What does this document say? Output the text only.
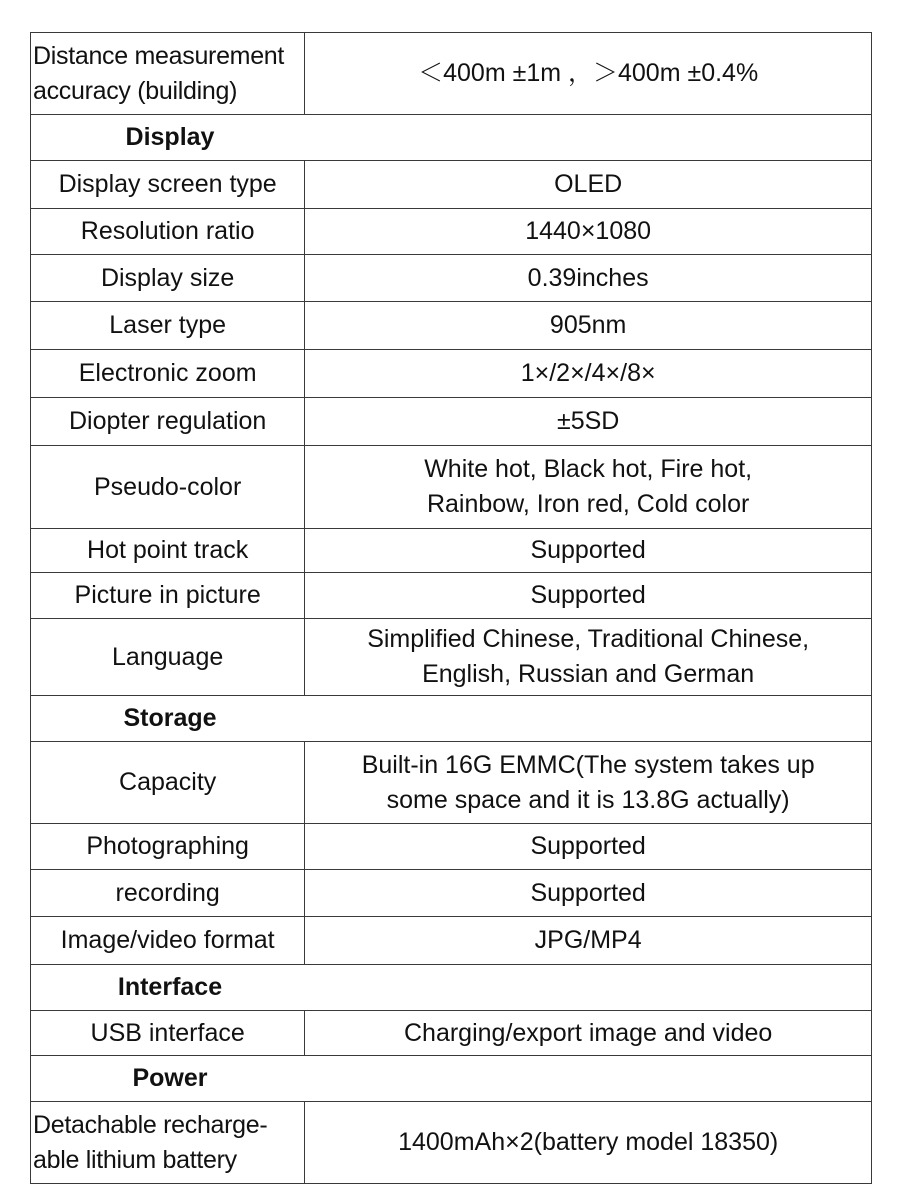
Distance measurement
accuracy (building)	＜400m ±1m ，＞400m ±0.4%
Display	
Display screen type	OLED
Resolution ratio	1440×1080
Display size	0.39inches
Laser type	905nm
Electronic zoom	1×/2×/4×/8×
Diopter regulation	±5SD
Pseudo-color	White hot, Black hot, Fire hot,
Rainbow, Iron red, Cold color
Hot point track	Supported
Picture in picture	Supported
Language	Simplified Chinese, Traditional Chinese,
English, Russian and German
Storage	
Capacity	Built-in 16G EMMC(The system takes up
some space and it is 13.8G actually)
Photographing	Supported
recording	Supported
Image/video format	JPG/MP4
Interface	
USB interface	Charging/export image and video
Power	
Detachable recharge-
able lithium battery	1400mAh×2(battery model 18350)
